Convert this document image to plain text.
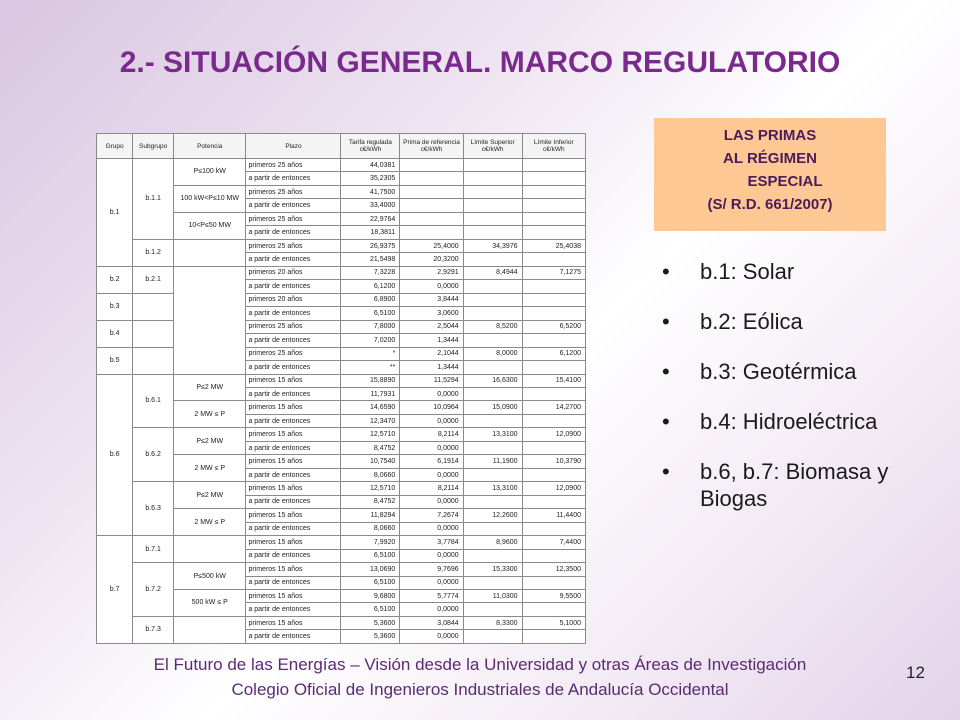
2.- SITUACIÓN GENERAL. MARCO REGULATORIO
Grupo	Subgrupo	Potencia	Plazo	Tarifa regulada c€/kWh	Prima de referencia c€/kWh	Límite Superior c€/kWh	Límite Inferior c€/kWh
b.1	b.1.1	P≤100 kW	primeros 25 años	44,0381			
			a partir de entonces	35,2305			
		100 kW<P≤10 MW	primeros 25 años	41,7500			
			a partir de entonces	33,4000			
		10<P≤50 MW	primeros 25 años	22,9764			
			a partir de entonces	18,3811			
	b.1.2		primeros 25 años	26,9375	25,4000	34,3976	25,4038
			a partir de entonces	21,5498	20,3200		
b.2	b.2.1		primeros 20 años	7,3228	2,9291	8,4944	7,1275
			a partir de entonces	6,1200	0,0000		
b.3			primeros 20 años	6,8900	3,8444		
			a partir de entonces	6,5100	3,0600		
b.4			primeros 25 años	7,8000	2,5044	8,5200	6,5200
			a partir de entonces	7,0200	1,3444		
b.5			primeros 25 años	*	2,1044	8,0000	6,1200
			a partir de entonces	**	1,3444		
b.6	b.6.1	P≤2 MW	primeros 15 años	15,8890	11,5294	16,6300	15,4100
			a partir de entonces	11,7931	0,0000		
		2 MW ≤ P	primeros 15 años	14,6590	10,0964	15,0900	14,2700
			a partir de entonces	12,3470	0,0000		
	b.6.2	P≤2 MW	primeros 15 años	12,5710	8,2114	13,3100	12,0900
			a partir de entonces	8,4752	0,0000		
		2 MW ≤ P	primeros 15 años	10,7540	6,1914	11,1900	10,3790
			a partir de entonces	8,0660	0,0000		
	b.6.3	P≤2 MW	primeros 15 años	12,5710	8,2114	13,3100	12,0900
			a partir de entonces	8,4752	0,0000		
		2 MW ≤ P	primeros 15 años	11,8294	7,2674	12,2600	11,4400
			a partir de entonces	8,0660	0,0000		
b.7	b.7.1		primeros 15 años	7,9920	3,7784	8,9600	7,4400
			a partir de entonces	6,5100	0,0000		
	b.7.2	P≤500 kW	primeros 15 años	13,0690	9,7696	15,3300	12,3500
			a partir de entonces	6,5100	0,0000		
		500 kW ≤ P	primeros 15 años	9,6800	5,7774	11,0300	9,5500
			a partir de entonces	6,5100	0,0000		
	b.7.3		primeros 15 años	5,3600	3,0844	8,3300	5,1000
			a partir de entonces	5,3600	0,0000		
LAS PRIMAS
AL RÉGIMEN
ESPECIAL
(S/ R.D. 661/2007)
• b.1: Solar
• b.2: Eólica
• b.3: Geotérmica
• b.4: Hidroeléctrica
• b.6, b.7: Biomasa y Biogas
El Futuro de las Energías – Visión desde la Universidad y otras Áreas de Investigación
Colegio Oficial de Ingenieros Industriales de Andalucía Occidental
12
